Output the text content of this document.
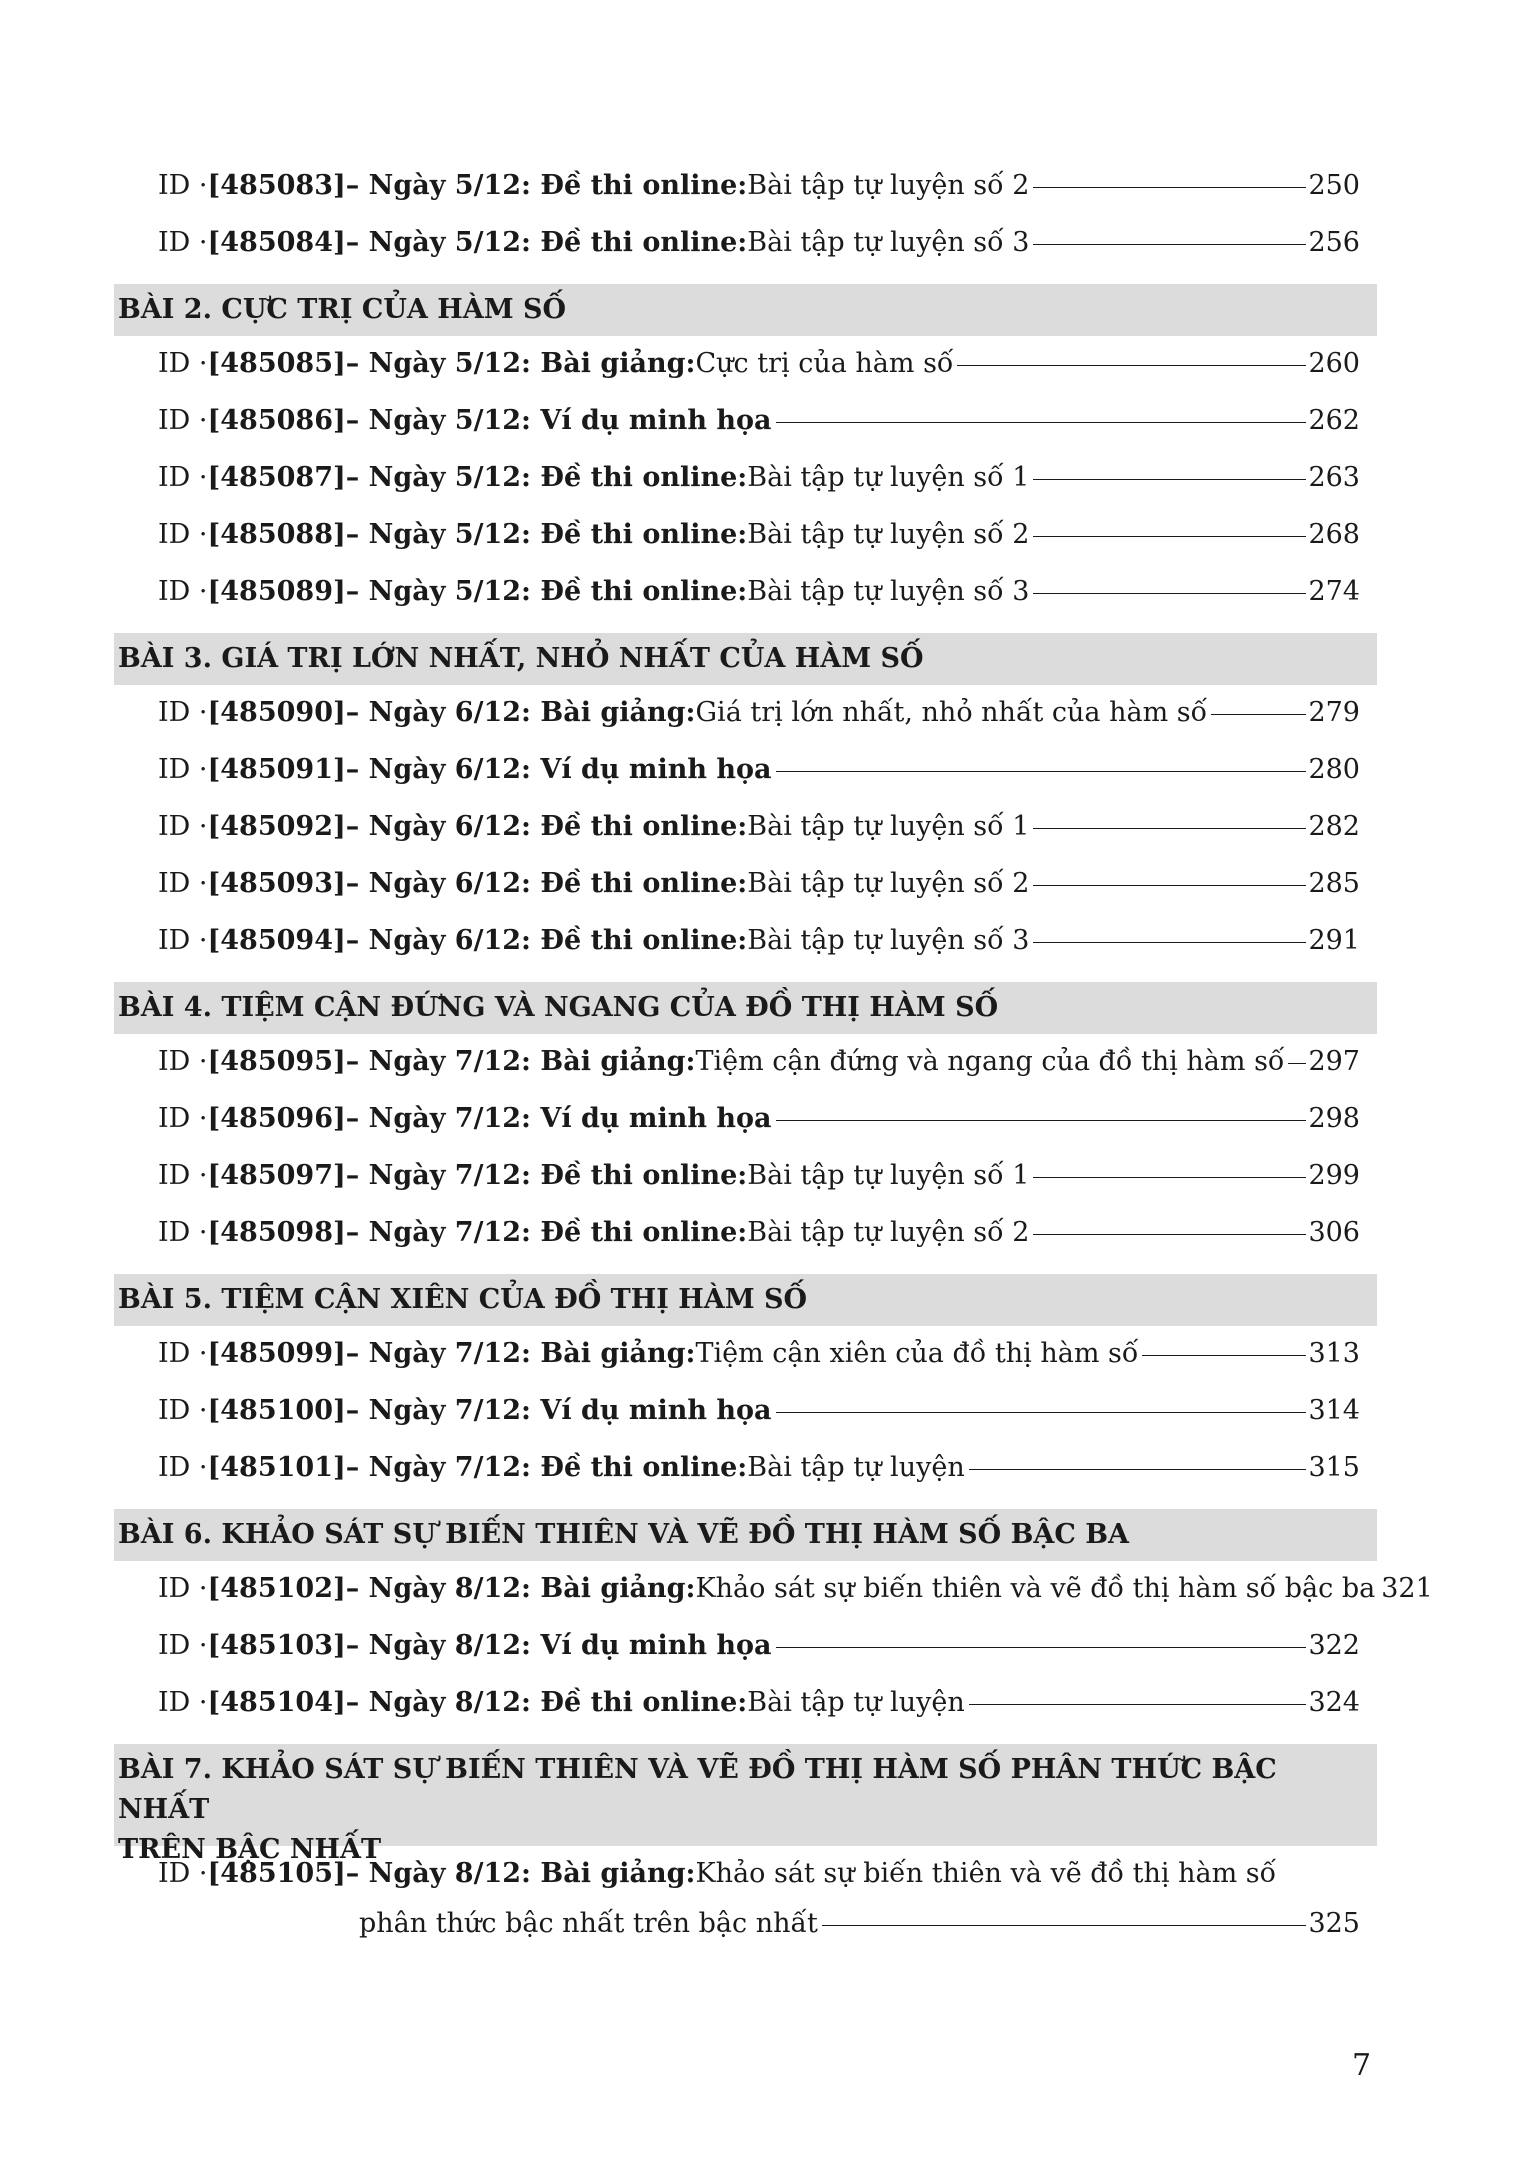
ID · [485083] – Ngày 5/12: Đề thi online: Bài tập tự luyện số 2	250
ID · [485084] – Ngày 5/12: Đề thi online: Bài tập tự luyện số 3	256
BÀI 2. CỰC TRỊ CỦA HÀM SỐ
ID · [485085] – Ngày 5/12: Bài giảng: Cực trị của hàm số	260
ID · [485086] – Ngày 5/12: Ví dụ minh họa	262
ID · [485087] – Ngày 5/12: Đề thi online: Bài tập tự luyện số 1	263
ID · [485088] – Ngày 5/12: Đề thi online: Bài tập tự luyện số 2	268
ID · [485089] – Ngày 5/12: Đề thi online: Bài tập tự luyện số 3	274
BÀI 3. GIÁ TRỊ LỚN NHẤT, NHỎ NHẤT CỦA HÀM SỐ
ID · [485090] – Ngày 6/12: Bài giảng: Giá trị lớn nhất, nhỏ nhất của hàm số	279
ID · [485091] – Ngày 6/12: Ví dụ minh họa	280
ID · [485092] – Ngày 6/12: Đề thi online: Bài tập tự luyện số 1	282
ID · [485093] – Ngày 6/12: Đề thi online: Bài tập tự luyện số 2	285
ID · [485094] – Ngày 6/12: Đề thi online: Bài tập tự luyện số 3	291
BÀI 4. TIỆM CẬN ĐỨNG VÀ NGANG CỦA ĐỒ THỊ HÀM SỐ
ID · [485095] – Ngày 7/12: Bài giảng: Tiệm cận đứng và ngang của đồ thị hàm số 297
ID · [485096] – Ngày 7/12: Ví dụ minh họa	298
ID · [485097] – Ngày 7/12: Đề thi online: Bài tập tự luyện số 1	299
ID · [485098] – Ngày 7/12: Đề thi online: Bài tập tự luyện số 2	306
BÀI 5. TIỆM CẬN XIÊN CỦA ĐỒ THỊ HÀM SỐ
ID · [485099] – Ngày 7/12: Bài giảng: Tiệm cận xiên của đồ thị hàm số	313
ID · [485100] – Ngày 7/12: Ví dụ minh họa	314
ID · [485101] – Ngày 7/12: Đề thi online: Bài tập tự luyện	315
BÀI 6. KHẢO SÁT SỰ BIẾN THIÊN VÀ VẼ ĐỒ THỊ HÀM SỐ BẬC BA
ID · [485102] – Ngày 8/12: Bài giảng: Khảo sát sự biến thiên và vẽ đồ thị hàm số bậc ba 321
ID · [485103] – Ngày 8/12: Ví dụ minh họa	322
ID · [485104] – Ngày 8/12: Đề thi online: Bài tập tự luyện	324
BÀI 7. KHẢO SÁT SỰ BIẾN THIÊN VÀ VẼ ĐỒ THỊ HÀM SỐ PHÂN THỨC BẬC NHẤT
TRÊN BẬC NHẤT
ID · [485105] – Ngày 8/12: Bài giảng: Khảo sát sự biến thiên và vẽ đồ thị hàm số
phân thức bậc nhất trên bậc nhất	325
7
